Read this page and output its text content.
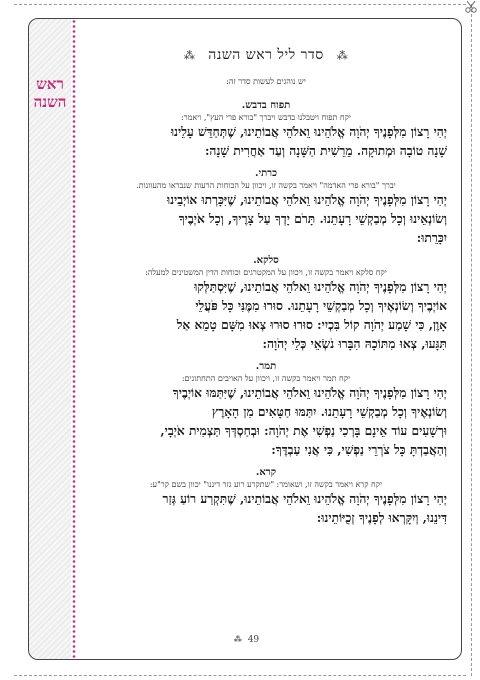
ראש
השנה
⁂ סדר ליל ראש השנה ⁂
יש נוהגים לעשות סדר זה:
תפוח בדבש.
יקח תפוח ויטבלנו בדבש ויברך "בורא פרי העץ", ויאמר:
יְהִי רָצוֹן מִלְּפָנֶיךָ יְהֹוָה אֱלֹהֵינוּ וֵאלֹהֵי אֲבוֹתֵינוּ, שֶׁתְּחַדֵּשׁ עָלֵינוּ
שָׁנָה טוֹבָה וּמְתוּקָה. מֵרֵשִׁית הַשָּׁנָה וְעַד אַחֲרִית שָׁנָה:
כרתי.
יברך "בורא פרי האדמה" ויאמר בקשה זו, ויכוון על הכוחות הרעות שנבראו מהעוונות.
יְהִי רָצוֹן מִלְּפָנֶיךָ יְהֹוָה אֱלֹהֵינוּ וֵאלֹהֵי אֲבוֹתֵינוּ, שֶׁיִּכָּרְתוּ אוֹיְבֵינוּ
וְשׂוֹנְאֵינוּ וְכָל מְבַקְשֵׁי רָעָתֵנוּ. תָּרֹם יָדְךָ עַל צָרֶיךָ, וְכָל אֹיְבֶיךָ
יִכָּרֵתוּ:
סלקא.
יקח סלקא ויאמר בקשה זו, ויכוון על המקטרגים וכוחות הדין המשטינים למעלה:
יְהִי רָצוֹן מִלְּפָנֶיךָ יְהֹוָה אֱלֹהֵינוּ וֵאלֹהֵי אֲבוֹתֵינוּ, שֶׁיִּסְתַּלְּקוּ
אוֹיְבֶיךָ וְשׂוֹנְאֶיךָ וְכָל מְבַקְשֵׁי רָעָתֵנוּ. סוּרוּ מִמֶּנִּי כָּל פֹּעֲלֵי
אָוֶן, כִּי שָׁמַע יְהֹוָה קוֹל בִּכְיִי: סוּרוּ סוּרוּ צְאוּ מִשָּׁם טָמֵא אַל
תִּגָּעוּ, צְאוּ מִתּוֹכָהּ הִבָּרוּ נֹשְׂאֵי כְּלֵי יְהֹוָה:
תמר.
יקח תמר ויאמר בקשה זו, ויכוון על האויבים התחתונים:
יְהִי רָצוֹן מִלְּפָנֶיךָ יְהֹוָה אֱלֹהֵינוּ וֵאלֹהֵי אֲבוֹתֵינוּ, שֶׁיִּתַּמּוּ אוֹיְבֶיךָ
וְשׂוֹנְאֶיךָ וְכָל מְבַקְשֵׁי רָעָתֵנוּ. יִתַּמּוּ חַטָּאִים מִן הָאָרֶץ
וּרְשָׁעִים עוֹד אֵינָם בָּרְכִי נַפְשִׁי אֶת יְהֹוָה: וּבְחַסְדְּךָ תַּצְמִית אֹיְבָי,
וְהַאֲבַדְתָּ כָּל צֹרְרֵי נַפְשִׁי, כִּי אֲנִי עַבְדֶּךָ:
קרא.
יקח קרא ויאמר בקשה זו, ושאומר: "שתקרע רוע גזר דיננו" יכוון בשם קר"ע:
יְהִי רָצוֹן מִלְּפָנֶיךָ יְהֹוָה אֱלֹהֵינוּ וֵאלֹהֵי אֲבוֹתֵינוּ, שֶׁתִּקְרַע רוֹעַ גְּזַר
דִּינֵנוּ, וְיִקָּרְאוּ לְפָנֶיךָ זְכֻיּוֹתֵינוּ:
⁂ 49
